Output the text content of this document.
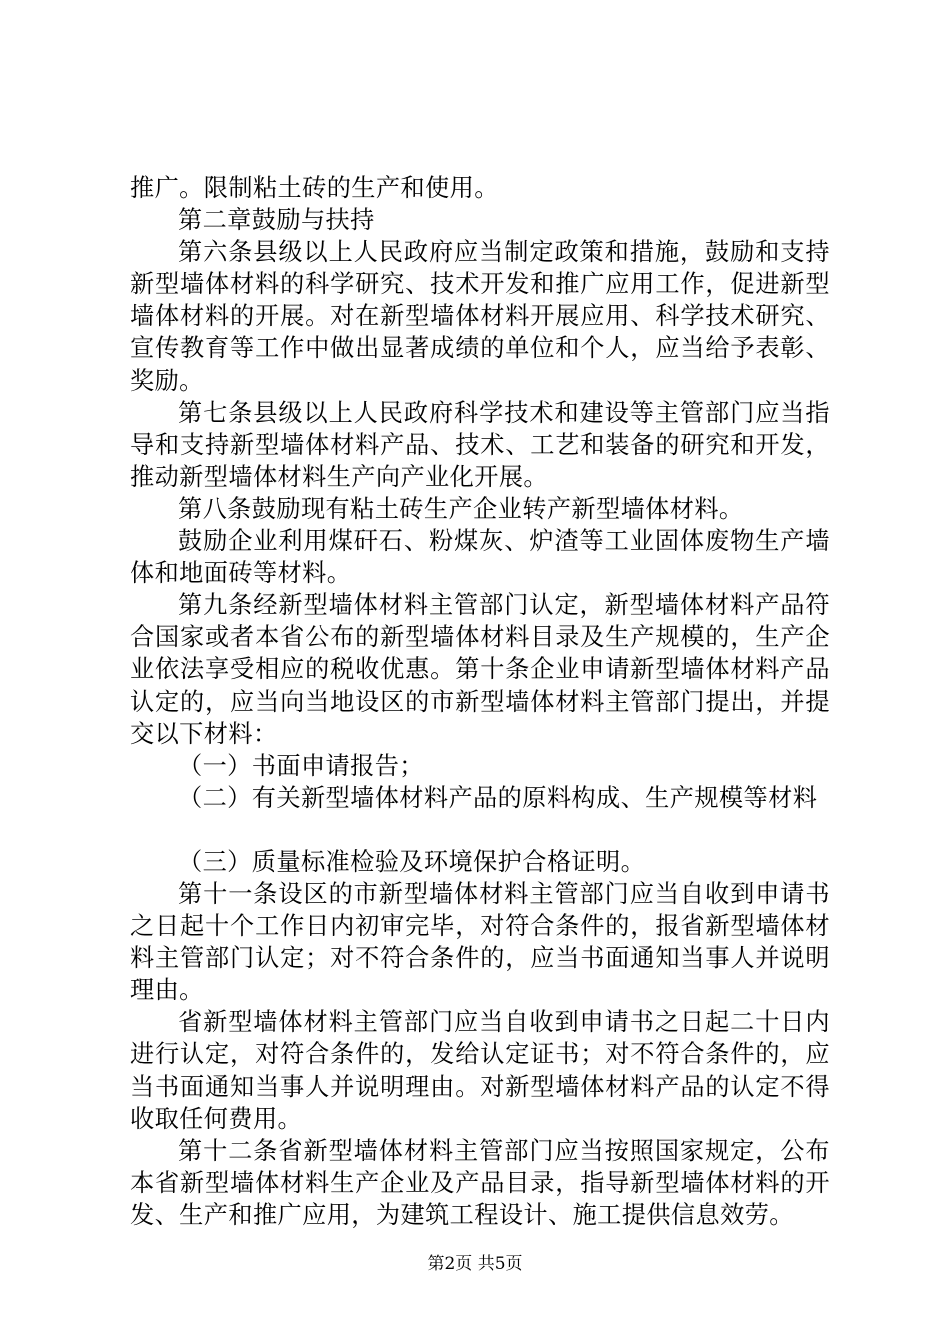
推广。限制粘土砖的生产和使用。

第二章鼓励与扶持

第六条县级以上人民政府应当制定政策和措施，鼓励和支持新型墙体材料的科学研究、技术开发和推广应用工作，促进新型墙体材料的开展。对在新型墙体材料开展应用、科学技术研究、宣传教育等工作中做出显著成绩的单位和个人，应当给予表彰、奖励。

第七条县级以上人民政府科学技术和建设等主管部门应当指导和支持新型墙体材料产品、技术、工艺和装备的研究和开发，推动新型墙体材料生产向产业化开展。

第八条鼓励现有粘土砖生产企业转产新型墙体材料。

鼓励企业利用煤矸石、粉煤灰、炉渣等工业固体废物生产墙体和地面砖等材料。

第九条经新型墙体材料主管部门认定，新型墙体材料产品符合国家或者本省公布的新型墙体材料目录及生产规模的，生产企业依法享受相应的税收优惠。第十条企业申请新型墙体材料产品认定的，应当向当地设区的市新型墙体材料主管部门提出，并提交以下材料：

（一）书面申请报告；

（二）有关新型墙体材料产品的原料构成、生产规模等材料

（三）质量标准检验及环境保护合格证明。

第十一条设区的市新型墙体材料主管部门应当自收到申请书之日起十个工作日内初审完毕，对符合条件的，报省新型墙体材料主管部门认定；对不符合条件的，应当书面通知当事人并说明理由。

省新型墙体材料主管部门应当自收到申请书之日起二十日内进行认定，对符合条件的，发给认定证书；对不符合条件的，应当书面通知当事人并说明理由。对新型墙体材料产品的认定不得收取任何费用。

第十二条省新型墙体材料主管部门应当按照国家规定，公布本省新型墙体材料生产企业及产品目录，指导新型墙体材料的开发、生产和推广应用，为建筑工程设计、施工提供信息效劳。

第2页 共5页
